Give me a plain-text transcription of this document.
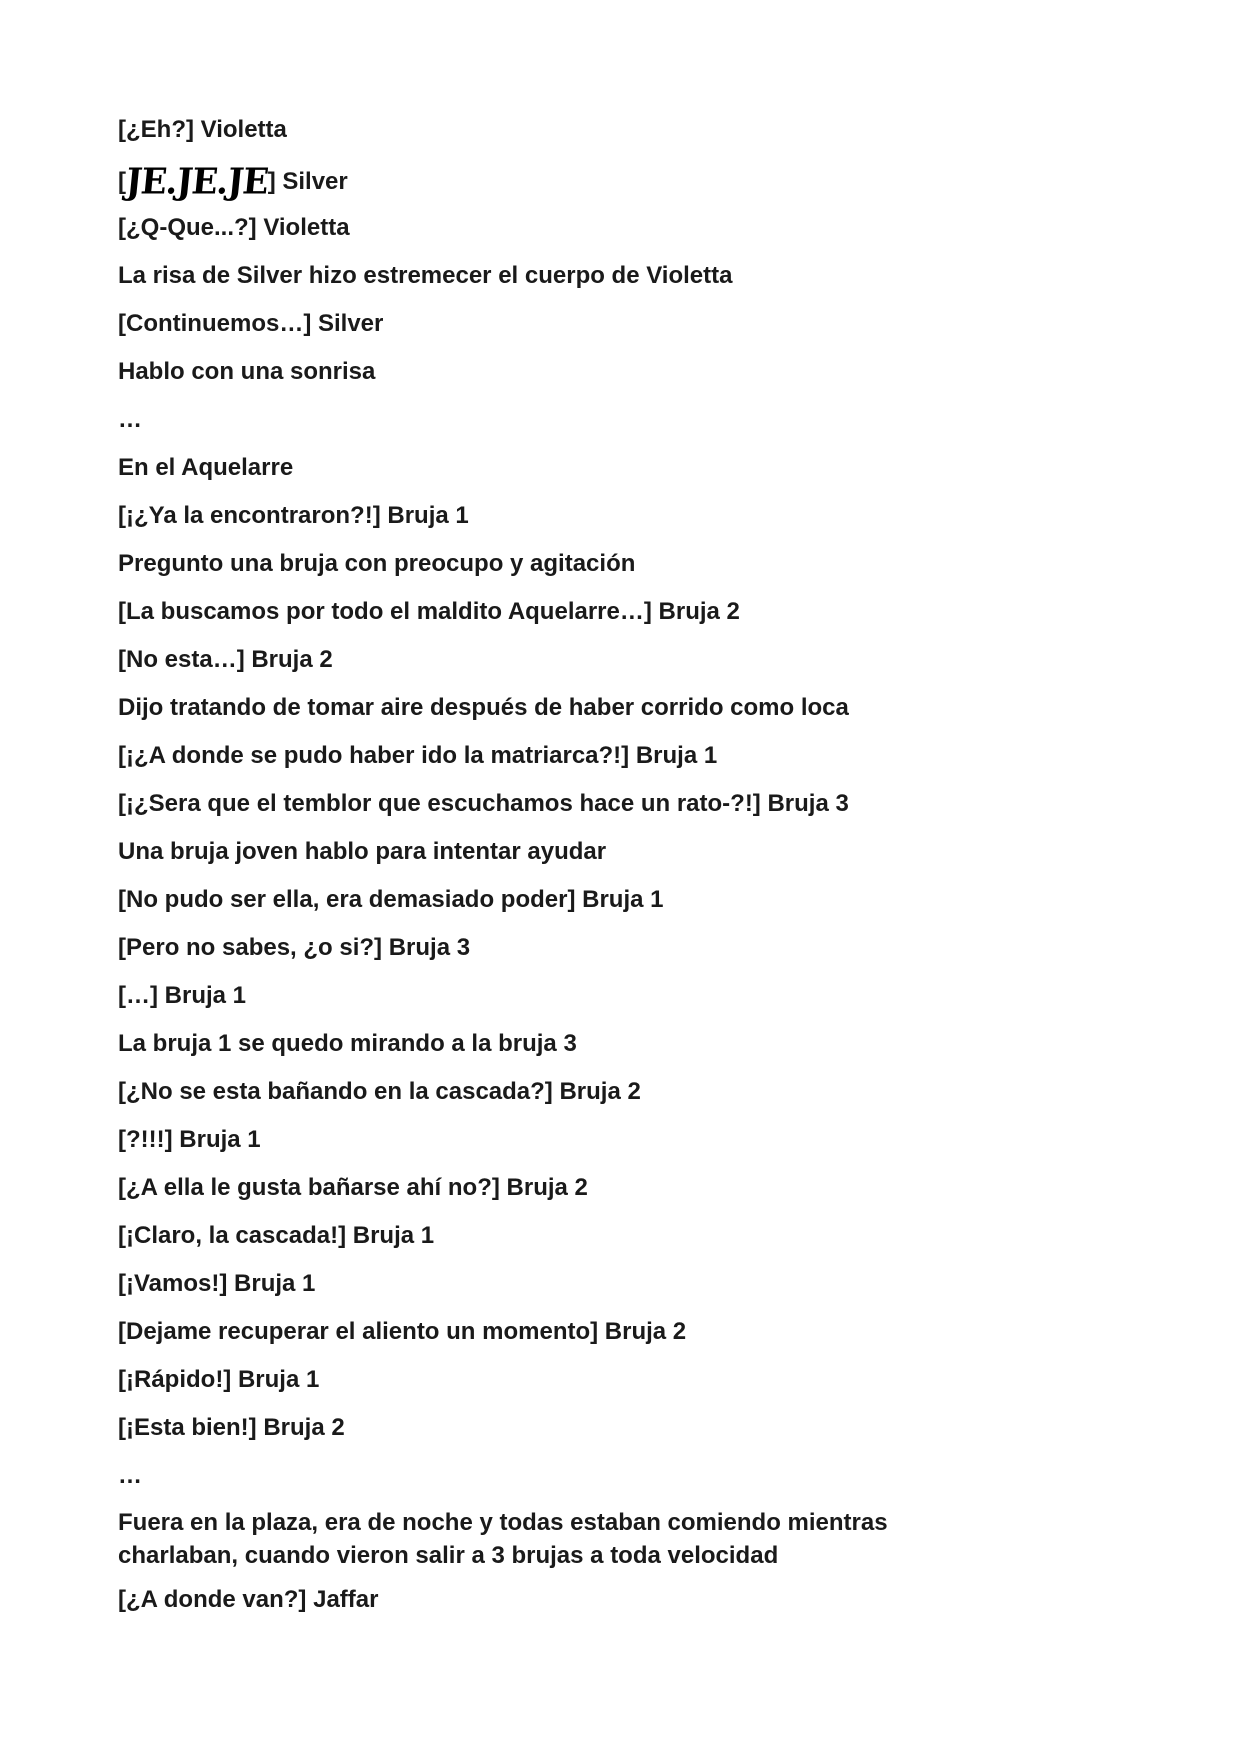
[¿Eh?] Violetta
[
JE.JE.JE
] Silver
[¿Q-Que...?] Violetta
La risa de Silver hizo estremecer el cuerpo de Violetta
[Continuemos…] Silver
Hablo con una sonrisa
…
En el Aquelarre
[¡¿Ya la encontraron?!] Bruja 1
Pregunto una bruja con preocupo y agitación
[La buscamos por todo el maldito Aquelarre…] Bruja 2
[No esta…] Bruja 2
Dijo tratando de tomar aire después de haber corrido como loca
[¡¿A donde se pudo haber ido la matriarca?!] Bruja 1
[¡¿Sera que el temblor que escuchamos hace un rato-?!] Bruja 3
Una bruja joven hablo para intentar ayudar
[No pudo ser ella, era demasiado poder] Bruja 1
[Pero no sabes, ¿o si?] Bruja 3
[…] Bruja 1
La bruja 1 se quedo mirando a la bruja 3
[¿No se esta bañando en la cascada?] Bruja 2
[?!!!] Bruja 1
[¿A ella le gusta bañarse ahí no?] Bruja 2
[¡Claro, la cascada!] Bruja 1
[¡Vamos!] Bruja 1
[Dejame recuperar el aliento un momento] Bruja 2
[¡Rápido!] Bruja 1
[¡Esta bien!] Bruja 2
…
Fuera en la plaza, era de noche y todas estaban comiendo mientras charlaban, cuando vieron salir a 3 brujas a toda velocidad
[¿A donde van?] Jaffar
